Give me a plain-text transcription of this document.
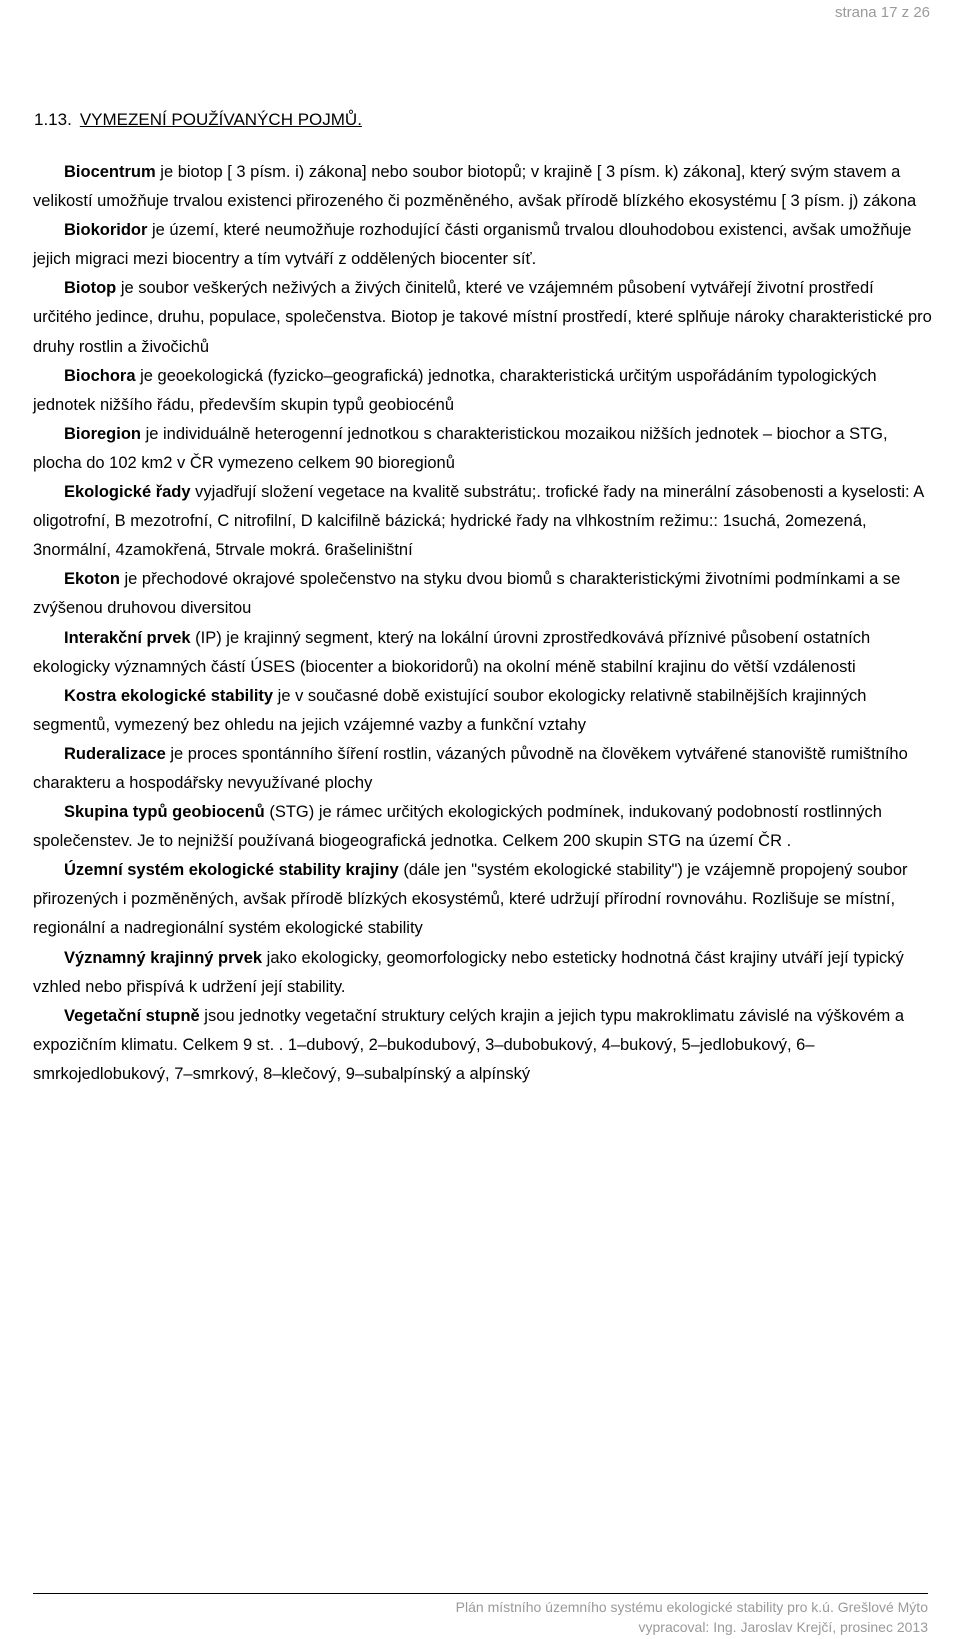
strana 17 z 26
1.13. VYMEZENÍ POUŽÍVANÝCH POJMŮ.

Biocentrum je biotop [ 3 písm. i) zákona] nebo soubor biotopů; v krajině [ 3 písm. k) zákona], který svým stavem a velikostí umožňuje trvalou existenci přirozeného či pozměněného, avšak přírodě blízkého ekosystému [ 3 písm. j) zákona

Biokoridor je území, které neumožňuje rozhodující části organismů trvalou dlouhodobou existenci, avšak umožňuje jejich migraci mezi biocentry a tím vytváří z oddělených biocenter síť.

Biotop je soubor veškerých neživých a živých činitelů, které ve vzájemném působení vytvářejí životní prostředí určitého jedince, druhu, populace, společenstva. Biotop je takové místní prostředí, které splňuje nároky charakteristické pro druhy rostlin a živočichů

Biochora je geoekologická (fyzicko–geografická) jednotka, charakteristická určitým uspořádáním typologických jednotek nižšího řádu, především skupin typů geobiocénů

Bioregion je individuálně heterogenní jednotkou s charakteristickou mozaikou nižších jednotek – biochor a STG, plocha do 102 km2 v ČR vymezeno celkem 90 bioregionů

Ekologické řady vyjadřují složení vegetace na kvalitě substrátu;. trofické řady na minerální zásobenosti a kyselosti: A oligotrofní, B mezotrofní, C nitrofilní, D kalcifilně bázická; hydrické řady na vlhkostním režimu:: 1suchá, 2omezená, 3normální, 4zamokřená, 5trvale mokrá. 6rašeliništní

Ekoton je přechodové okrajové společenstvo na styku dvou biomů s charakteristickými životními podmínkami a se zvýšenou druhovou diversitou

Interakční prvek (IP) je krajinný segment, který na lokální úrovni zprostředkovává příznivé působení ostatních ekologicky významných částí ÚSES (biocenter a biokoridorů) na okolní méně stabilní krajinu do větší vzdálenosti

Kostra ekologické stability je v současné době existující soubor ekologicky relativně stabilnějších krajinných segmentů, vymezený bez ohledu na jejich vzájemné vazby a funkční vztahy

Ruderalizace je proces spontánního šíření rostlin, vázaných původně na člověkem vytvářené stanoviště rumištního charakteru a hospodářsky nevyužívané plochy

Skupina typů geobiocenů (STG) je rámec určitých ekologických podmínek, indukovaný podobností rostlinných společenstev. Je to nejnižší používaná biogeografická jednotka. Celkem 200 skupin STG na území ČR .

Územní systém ekologické stability krajiny (dále jen "systém ekologické stability") je vzájemně propojený soubor přirozených i pozměněných, avšak přírodě blízkých ekosystémů, které udržují přírodní rovnováhu. Rozlišuje se místní, regionální a nadregionální systém ekologické stability

Významný krajinný prvek jako ekologicky, geomorfologicky nebo esteticky hodnotná část krajiny utváří její typický vzhled nebo přispívá k udržení její stability.

Vegetační stupně jsou jednotky vegetační struktury celých krajin a jejich typu makroklimatu závislé na výškovém a expozičním klimatu. Celkem 9 st. . 1–dubový, 2–bukodubový, 3–dubobukový, 4–bukový, 5–jedlobukový, 6–smrkojedlobukový, 7–smrkový, 8–klečový, 9–subalpínský a alpínský

Plán místního územního systému ekologické stability pro k.ú. Grešlové Mýto
vypracoval: Ing. Jaroslav Krejčí, prosinec 2013
